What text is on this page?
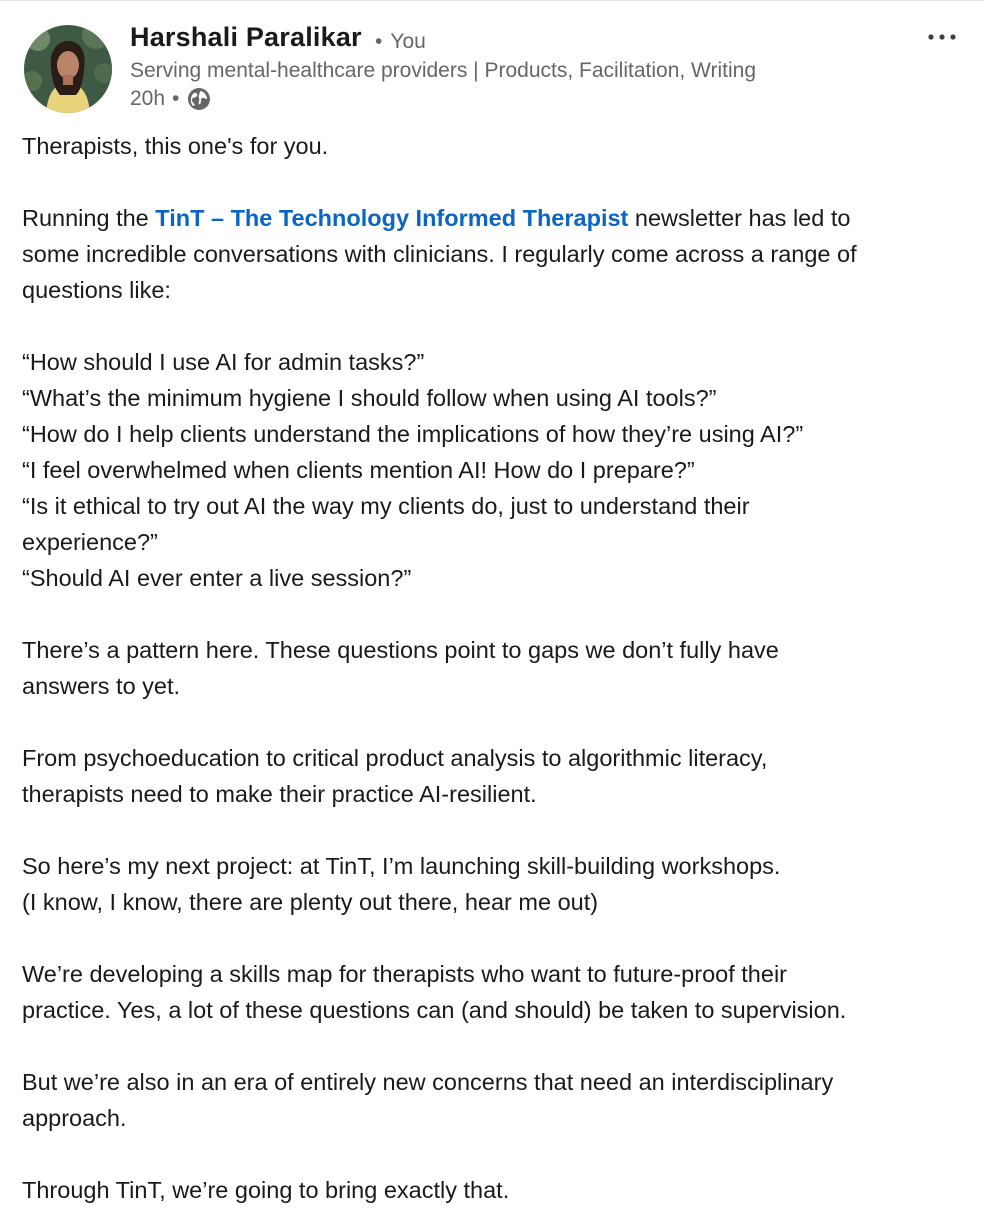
Harshali Paralikar • You
Serving mental-healthcare providers | Products, Facilitation, Writing
20h •

Therapists, this one's for you.

Running the TinT – The Technology Informed Therapist newsletter has led to
some incredible conversations with clinicians. I regularly come across a range of
questions like:

“How should I use AI for admin tasks?”
“What’s the minimum hygiene I should follow when using AI tools?”
“How do I help clients understand the implications of how they’re using AI?”
“I feel overwhelmed when clients mention AI! How do I prepare?”
“Is it ethical to try out AI the way my clients do, just to understand their
experience?”
“Should AI ever enter a live session?”

There’s a pattern here. These questions point to gaps we don’t fully have
answers to yet.

From psychoeducation to critical product analysis to algorithmic literacy,
therapists need to make their practice AI-resilient.

So here’s my next project: at TinT, I’m launching skill-building workshops.
(I know, I know, there are plenty out there, hear me out)

We’re developing a skills map for therapists who want to future-proof their
practice. Yes, a lot of these questions can (and should) be taken to supervision.

But we’re also in an era of entirely new concerns that need an interdisciplinary
approach.

Through TinT, we’re going to bring exactly that.
